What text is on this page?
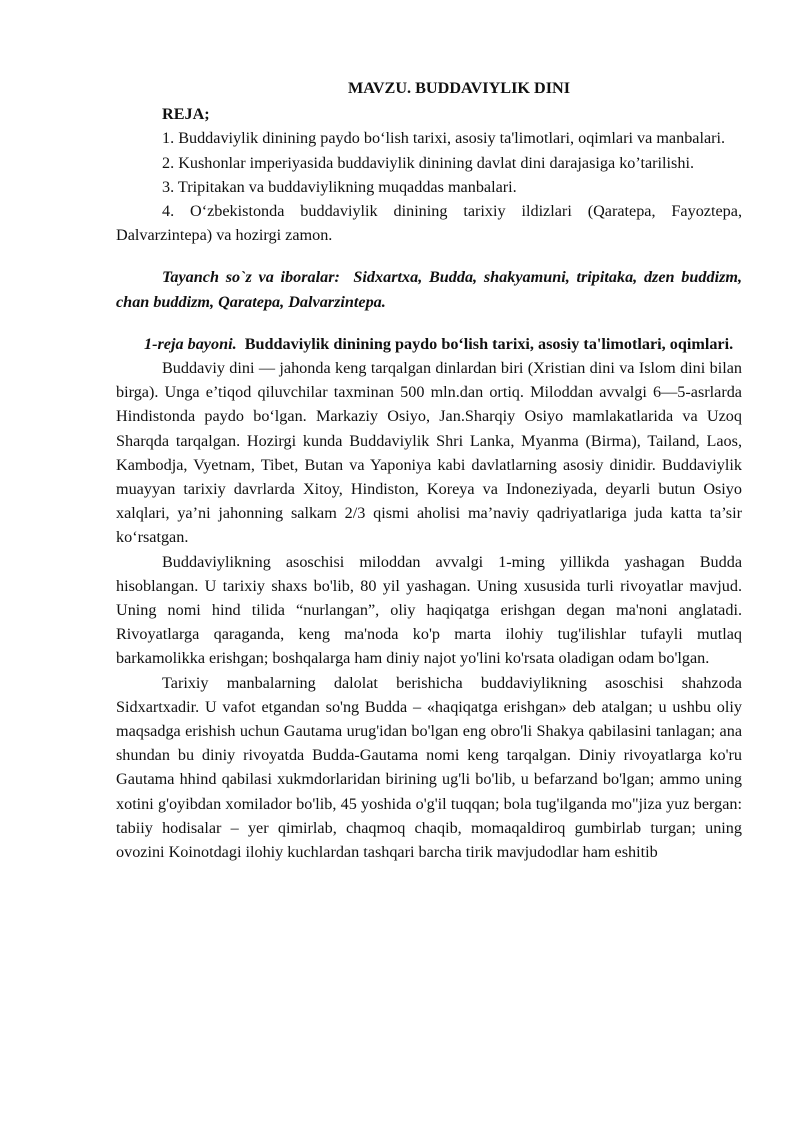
MAVZU. BUDDAVIYLIK DINI

REJA;

1. Buddaviylik dinining paydo bo‘lish tarixi, asosiy ta'limotlari, oqimlari va manbalari.

2. Kushonlar imperiyasida buddaviylik dinining davlat dini darajasiga ko’tarilishi.

3. Tripitakan va buddaviylikning muqaddas manbalari.

4. O‘zbekistonda buddaviylik dinining tarixiy ildizlari (Qaratepa, Fayoztepa, Dalvarzintepa) va hozirgi zamon.

Tayanch so`z va iboralar: Sidxartxa, Budda, shakyamuni, tripitaka, dzen buddizm, chan buddizm, Qaratepa, Dalvarzintepa.

1-reja bayoni. Buddaviylik dinining paydo bo‘lish tarixi, asosiy ta'limotlari, oqimlari.

Buddaviy dini — jahonda keng tarqalgan dinlardan biri (Xristian dini va Islom dini bilan birga). Unga e’tiqod qiluvchilar taxminan 500 mln.dan ortiq. Miloddan avvalgi 6—5-asrlarda Hindistonda paydo bo‘lgan. Markaziy Osiyo, Jan.Sharqiy Osiyo mamlakatlarida va Uzoq Sharqda tarqalgan. Hozirgi kunda Buddaviylik Shri Lanka, Myanma (Birma), Tailand, Laos, Kambodja, Vyetnam, Tibet, Butan va Yaponiya kabi davlatlarning asosiy dinidir. Buddaviylik muayyan tarixiy davrlarda Xitoy, Hindiston, Koreya va Indoneziyada, deyarli butun Osiyo xalqlari, ya’ni jahonning salkam 2/3 qismi aholisi ma’naviy qadriyatlariga juda katta ta’sir ko‘rsatgan.

Buddaviylikning asoschisi miloddan avvalgi 1-ming yillikda yashagan Budda hisoblangan. U tarixiy shaxs bo'lib, 80 yil yashagan. Uning xususida turli rivoyatlar mavjud. Uning nomi hind tilida “nurlangan”, oliy haqiqatga erishgan degan ma'noni anglatadi. Rivoyatlarga qaraganda, keng ma'noda ko'p marta ilohiy tug'ilishlar tufayli mutlaq barkamolikka erishgan; boshqalarga ham diniy najot yo'lini ko'rsata oladigan odam bo'lgan.

Tarixiy manbalarning dalolat berishicha buddaviylikning asoschisi shahzoda Sidxartxadir. U vafot etgandan so'ng Budda – «haqiqatga erishgan» deb atalgan; u ushbu oliy maqsadga erishish uchun Gautama urug'idan bo'lgan eng obro'li Shakya qabilasini tanlagan; ana shundan bu diniy rivoyatda Budda-Gautama nomi keng tarqalgan. Diniy rivoyatlarga ko'ru Gautama hhind qabilasi xukmdorlaridan birining ug'li bo'lib, u befarzand bo'lgan; ammo uning xotini g'oyibdan xomilador bo'lib, 45 yoshida o'g'il tuqqan; bola tug'ilganda mo"jiza yuz bergan: tabiiy hodisalar – yer qimirlab, chaqmoq chaqib, momaqaldiroq gumbirlab turgan; uning ovozini Koinotdagi ilohiy kuchlardan tashqari barcha tirik mavjudodlar ham eshitib
